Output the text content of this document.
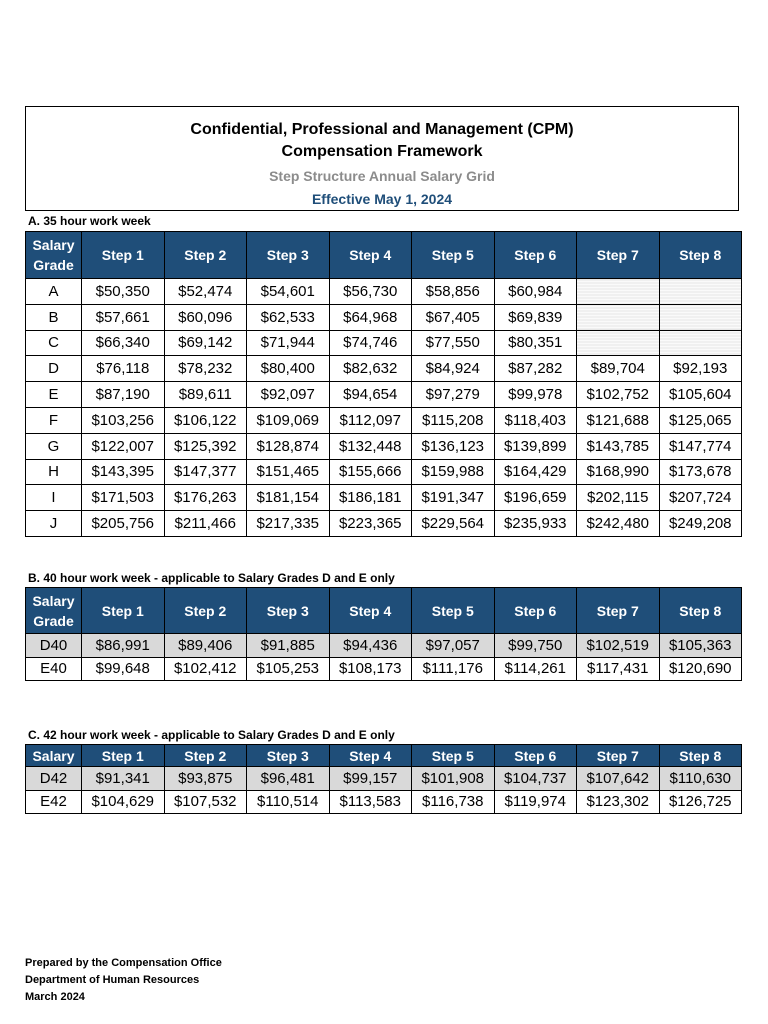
Confidential, Professional and Management (CPM)
Compensation Framework
Step Structure Annual Salary Grid
Effective May 1, 2024
A. 35 hour work week
Salary Grade	Step 1	Step 2	Step 3	Step 4	Step 5	Step 6	Step 7	Step 8
A	$50,350	$52,474	$54,601	$56,730	$58,856	$60,984		
B	$57,661	$60,096	$62,533	$64,968	$67,405	$69,839		
C	$66,340	$69,142	$71,944	$74,746	$77,550	$80,351		
D	$76,118	$78,232	$80,400	$82,632	$84,924	$87,282	$89,704	$92,193
E	$87,190	$89,611	$92,097	$94,654	$97,279	$99,978	$102,752	$105,604
F	$103,256	$106,122	$109,069	$112,097	$115,208	$118,403	$121,688	$125,065
G	$122,007	$125,392	$128,874	$132,448	$136,123	$139,899	$143,785	$147,774
H	$143,395	$147,377	$151,465	$155,666	$159,988	$164,429	$168,990	$173,678
I	$171,503	$176,263	$181,154	$186,181	$191,347	$196,659	$202,115	$207,724
J	$205,756	$211,466	$217,335	$223,365	$229,564	$235,933	$242,480	$249,208
B. 40 hour work week - applicable to Salary Grades D and E only
Salary Grade	Step 1	Step 2	Step 3	Step 4	Step 5	Step 6	Step 7	Step 8
D40	$86,991	$89,406	$91,885	$94,436	$97,057	$99,750	$102,519	$105,363
E40	$99,648	$102,412	$105,253	$108,173	$111,176	$114,261	$117,431	$120,690
C. 42 hour work week - applicable to Salary Grades D and E only
Salary	Step 1	Step 2	Step 3	Step 4	Step 5	Step 6	Step 7	Step 8
D42	$91,341	$93,875	$96,481	$99,157	$101,908	$104,737	$107,642	$110,630
E42	$104,629	$107,532	$110,514	$113,583	$116,738	$119,974	$123,302	$126,725
Prepared by the Compensation Office
Department of Human Resources
March 2024
